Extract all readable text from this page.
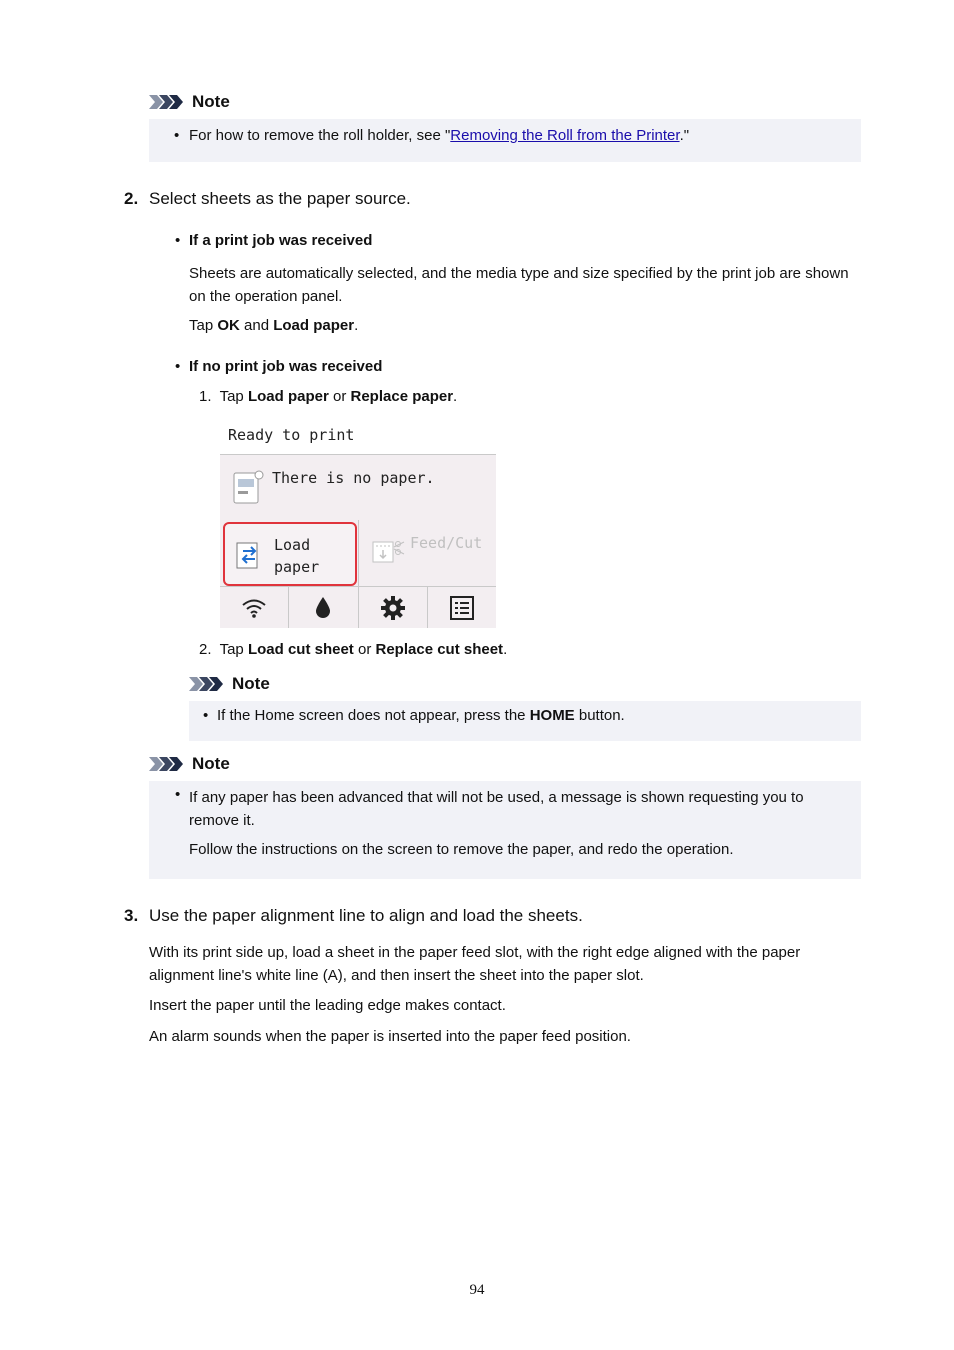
Note
• For how to remove the roll holder, see "Removing the Roll from the Printer."
2. Select sheets as the paper source.
• If a print job was received

Sheets are automatically selected, and the media type and size specified by the print job are shown on the operation panel.

Tap OK and Load paper.

• If no print job was received

1. Tap Load paper or Replace paper.

Ready to print
There is no paper.
Load
paper
Feed/Cut

2. Tap Load cut sheet or Replace cut sheet.

Note
• If the Home screen does not appear, press the HOME button.
Note
• If any paper has been advanced that will not be used, a message is shown requesting you to remove it.

Follow the instructions on the screen to remove the paper, and redo the operation.

3. Use the paper alignment line to align and load the sheets.

With its print side up, load a sheet in the paper feed slot, with the right edge aligned with the paper alignment line's white line (A), and then insert the sheet into the paper slot.

Insert the paper until the leading edge makes contact.

An alarm sounds when the paper is inserted into the paper feed position.

94
